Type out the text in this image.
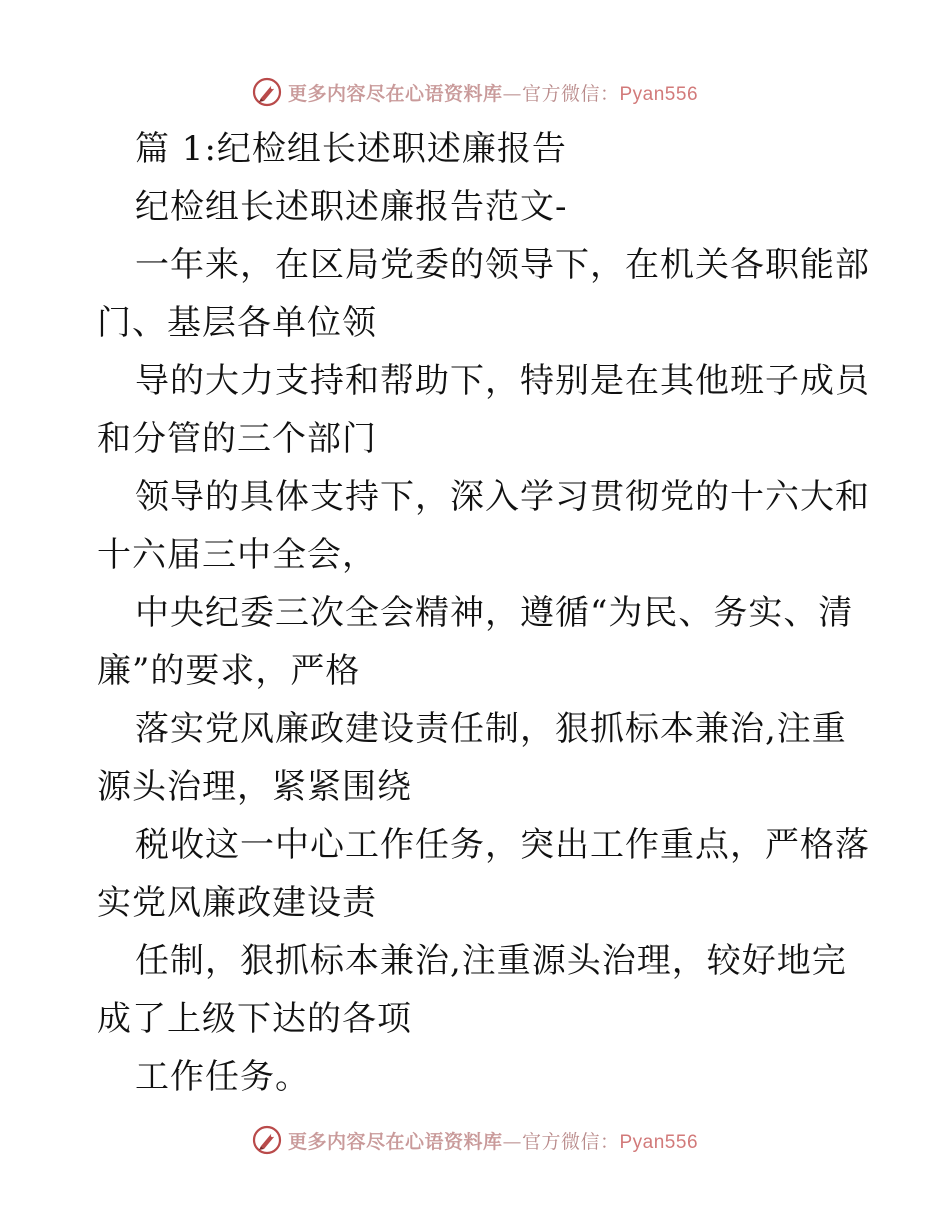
更多内容尽在心语资料库—官方微信：Pyan556
篇 1:纪检组长述职述廉报告
纪检组长述职述廉报告范文-
一年来，在区局党委的领导下，在机关各职能部
门、基层各单位领
导的大力支持和帮助下，特别是在其他班子成员
和分管的三个部门
领导的具体支持下，深入学习贯彻党的十六大和
十六届三中全会，
中央纪委三次全会精神，遵循“为民、务实、清
廉”的要求，严格
落实党风廉政建设责任制，狠抓标本兼治,注重
源头治理，紧紧围绕
税收这一中心工作任务，突出工作重点，严格落
实党风廉政建设责
任制，狠抓标本兼治,注重源头治理，较好地完
成了上级下达的各项
工作任务。
更多内容尽在心语资料库—官方微信：Pyan556
